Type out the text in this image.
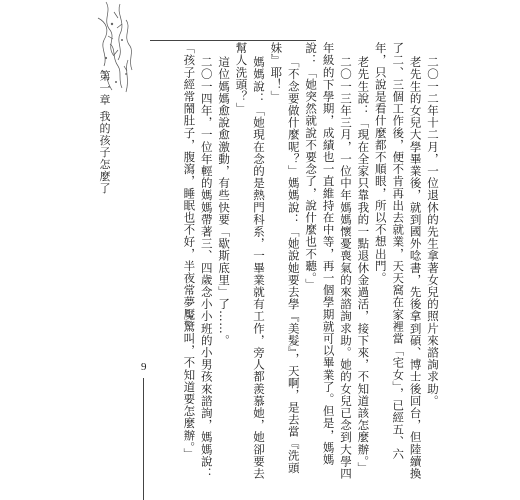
第一章 我的孩子怎麼了
9	二〇一二年十二月，一位退休的先生拿著女兒的照片來諮詢求助。

老先生的女兒大學畢業後，就到國外唸書，先後拿到碩、博士後回台，但陸續換了二、三個工作後，便不肯再出去就業，天天窩在家裡當「宅女」，已經五、六年，只說是看什麼都不順眼，所以不想出門。

老先生說：「現在全家只靠我的一點退休金過活，接下來，不知道該怎麼辦。」

二〇一三年三月，一位中年媽媽懷憂喪氣的來諮詢求助。她的女兒已念到大學四年級的下學期，成績也一直維持在中等，再一個學期就可以畢業了。但是，媽媽說：「她突然就說不要念了，說什麼也不聽。」

「不念要做什麼呢？」媽媽說：「她說她要去學『美髮』，天啊，是去當『洗頭妹』耶！」

媽媽說：「她現在念的是熱門科系，一畢業就有工作，旁人都羨慕她，她卻要去幫人洗頭？」

這位媽媽愈說愈激動，有些快要「歇斯底里」了……。

二〇一四年，一位年輕的媽媽帶著三、四歲念小小班的小男孩來諮詢，媽媽說：「孩子經常鬧肚子，腹瀉，睡眠也不好，半夜常夢魘驚叫，不知道要怎麼辦。」
